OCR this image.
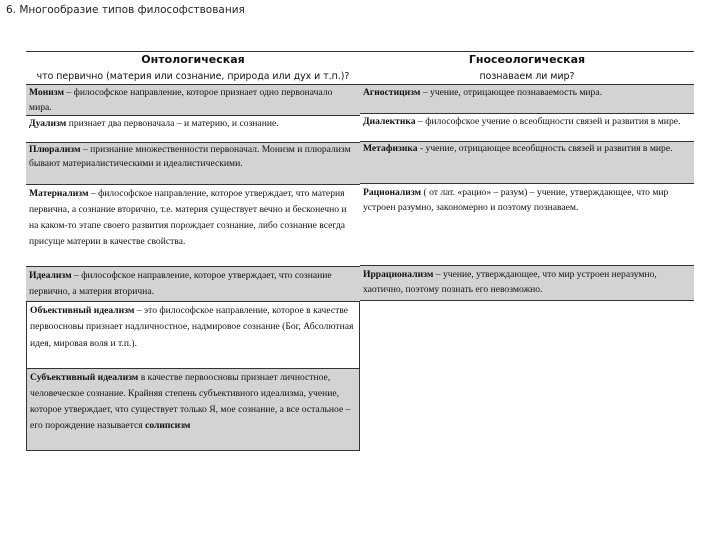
6. Многообразие типов философствования
Онтологическая
что первично (материя или сознание, природа или дух и т.п.)?
Монизм – философское направление, которое признает одно первоначало мира.
Дуализм признает два первоначала – и материю, и сознание.
Плюрализм – признание множественности первоначал. Монизм и плюрализм бывают материалистическими и идеалистическими.
Материализм – философское направление, которое утверждает, что материя первична, а сознание вторично, т.е. материя существует вечно и бесконечно и на каком-то этапе своего развития порождает сознание, либо сознание всегда присуще материи в качестве свойства.
Идеализм – философское направление, которое утверждает, что сознание первично, а материя вторична.
Объективный идеализм – это философское направление, которое в качестве первоосновы признает надличностное, надмировое сознание (Бог, Абсолютная идея, мировая воля и т.п.).
Субъективный идеализм в качестве первоосновы признает личностное, человеческое сознание. Крайняя степень субъективного идеализма, учение, которое утверждает, что существует только Я, мое сознание, а все остальное – его порождение называется солипсизм
Гносеологическая
познаваем ли мир?
Агностицизм – учение, отрицающее познаваемость мира.
Диалектика – философское учение о всеобщности связей и развития в мире.
Метафизика - учение, отрицающее всеобщность связей и развития в мире.
Рационализм ( от лат. «рацио» – разум) – учение, утверждающее, что мир устроен разумно, закономерно и поэтому познаваем.
Иррационализм – учение, утверждающее, что мир устроен неразумно, хаотично, поэтому познать его невозможно.
